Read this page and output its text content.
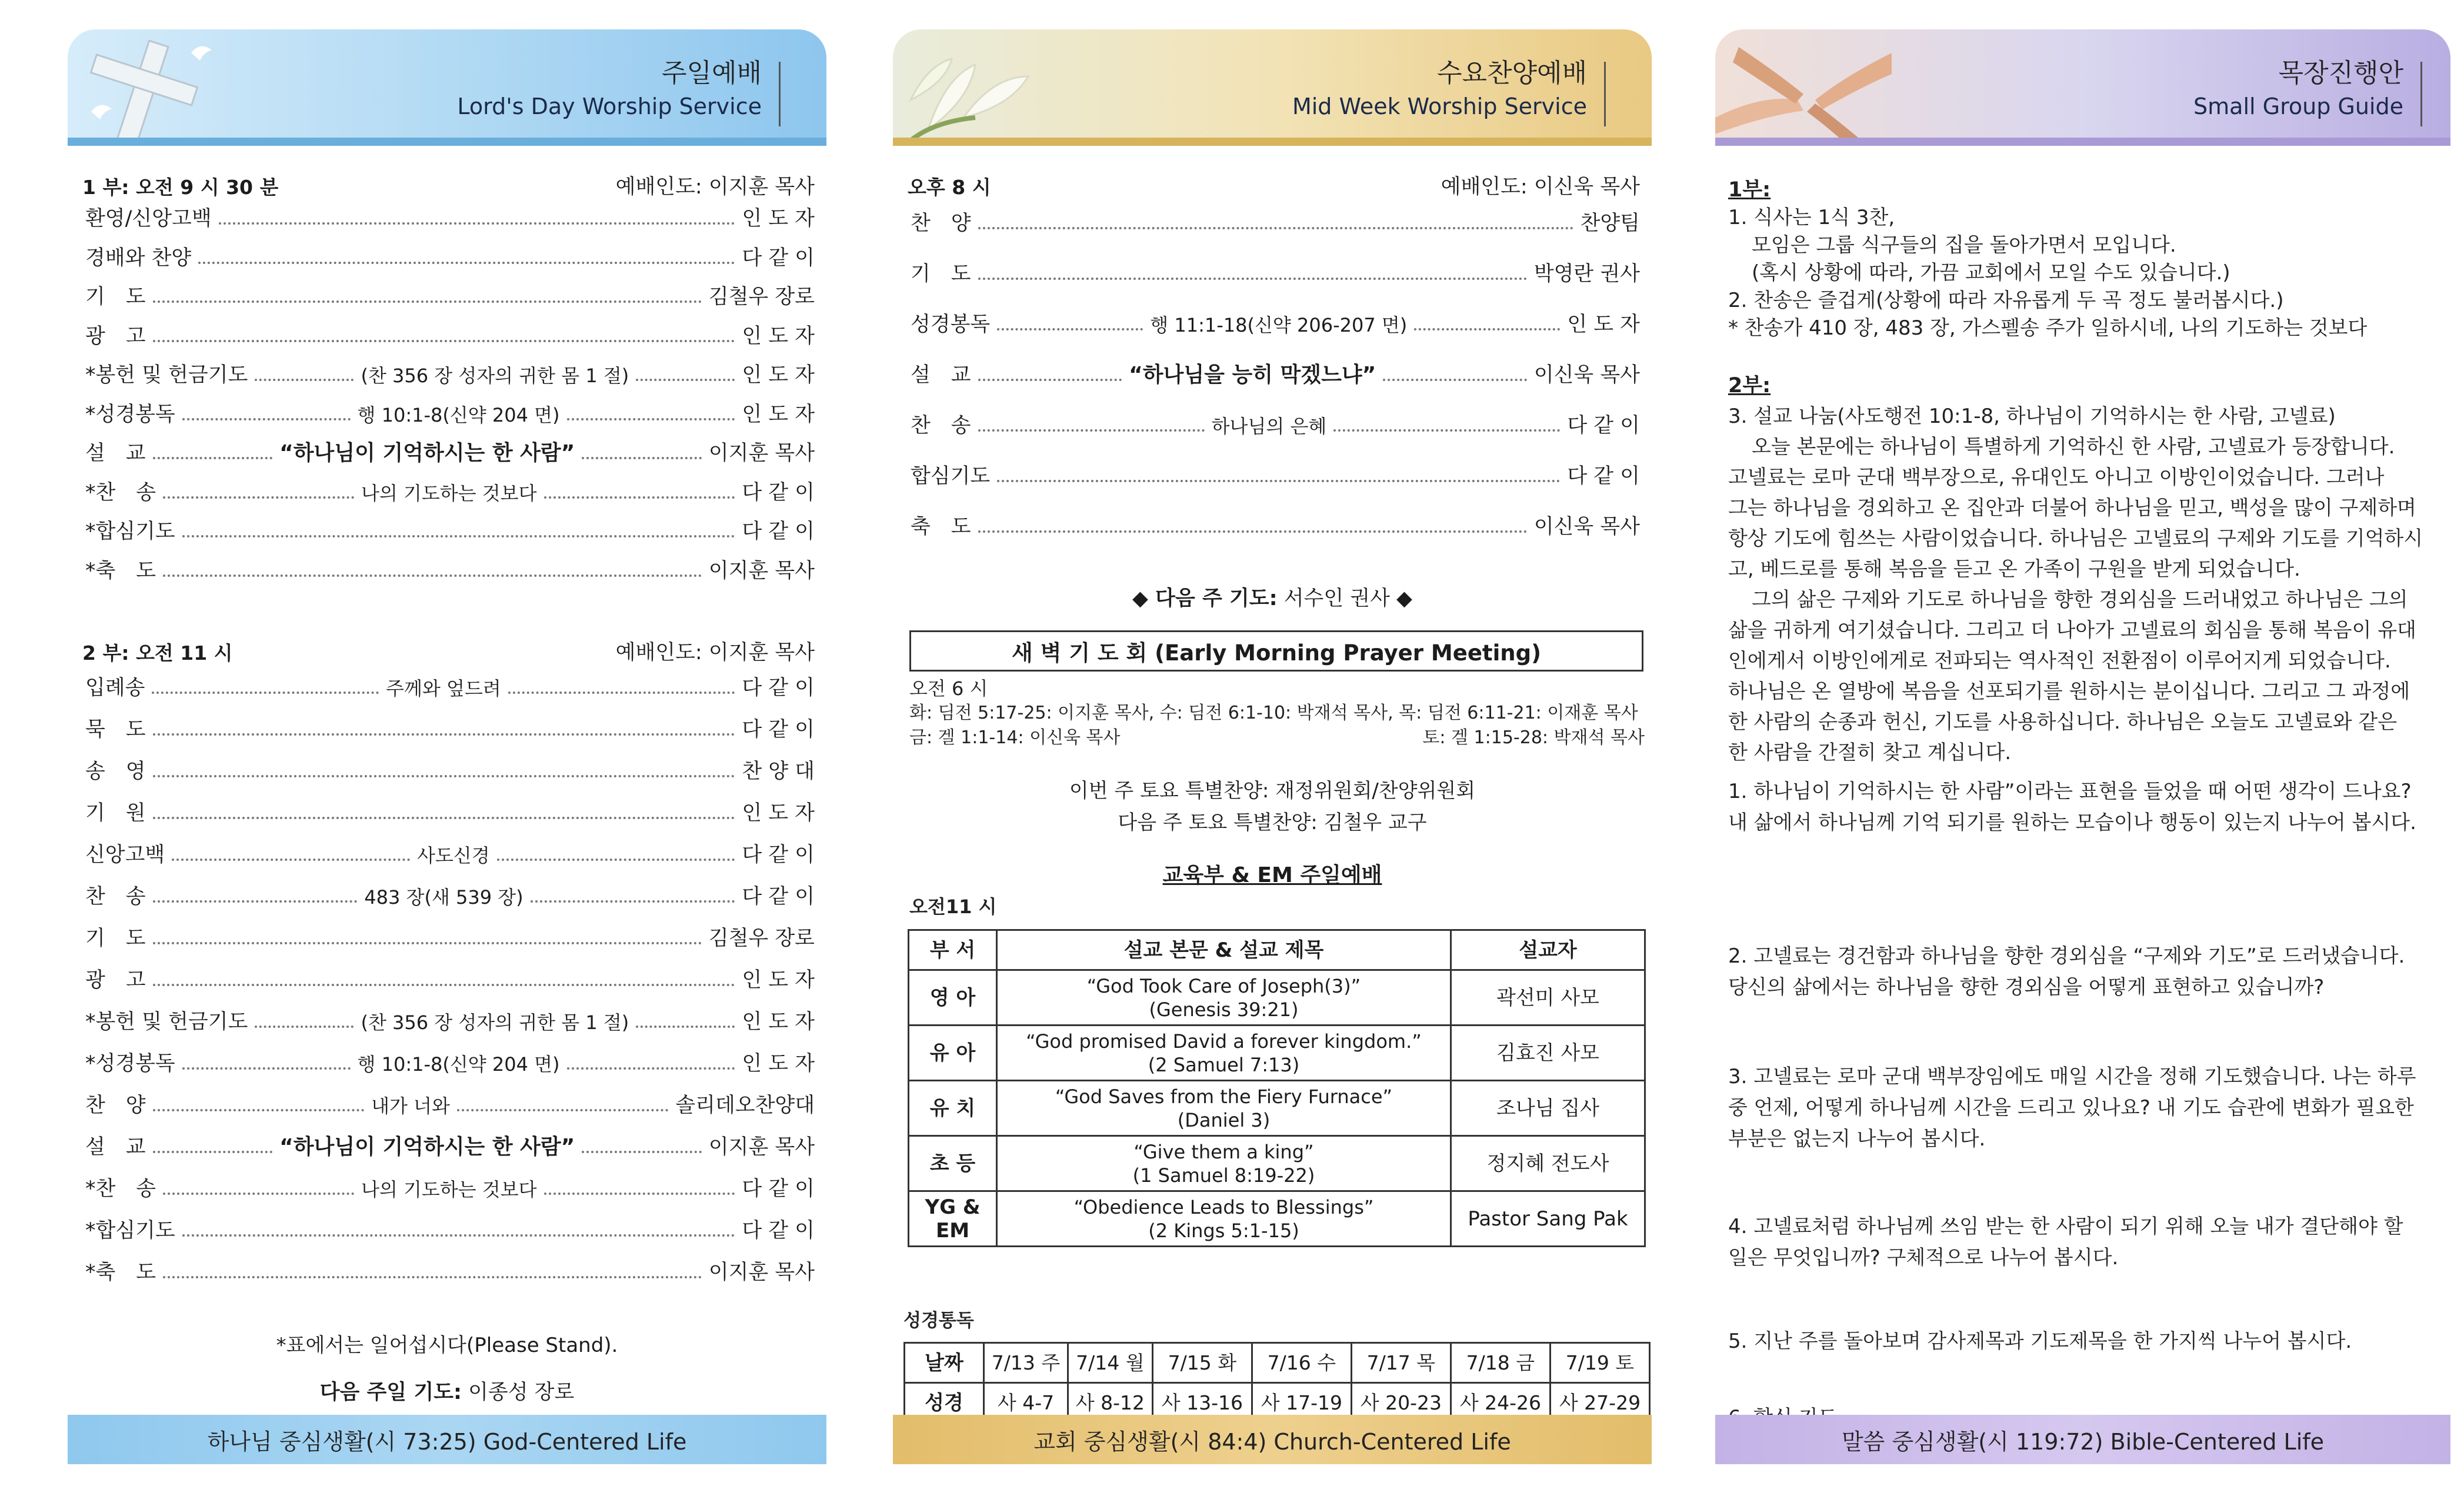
주일예배
Lord's Day Worship Service
1 부: 오전 9 시 30 분	예배인도: 이지훈 목사
2 부: 오전 11 시	예배인도: 이지훈 목사
*표에서는 일어섭시다(Please Stand).
다음 주일 기도: 이종성 장로
하나님 중심생활(시 73:25) God-Centered Life
환영/신앙고백	인 도 자
경배와 찬양	다 같 이
기　도	김철우 장로
광　고	인 도 자
*봉헌 및 헌금기도	(찬 356 장 성자의 귀한 몸 1 절)	인 도 자
*성경봉독	행 10:1-8(신약 204 면)	인 도 자
설　교	“하나님이 기억하시는 한 사람”	이지훈 목사
*찬　송	나의 기도하는 것보다	다 같 이
*합심기도	다 같 이
*축　도	이지훈 목사
입례송	주께와 엎드려	다 같 이
묵　도	다 같 이
송　영	찬 양 대
기　원	인 도 자
신앙고백	사도신경	다 같 이
찬　송	483 장(새 539 장)	다 같 이
기　도	김철우 장로
광　고	인 도 자
*봉헌 및 헌금기도	(찬 356 장 성자의 귀한 몸 1 절)	인 도 자
*성경봉독	행 10:1-8(신약 204 면)	인 도 자
찬　양	내가 너와	솔리데오찬양대
설　교	“하나님이 기억하시는 한 사람”	이지훈 목사
*찬　송	나의 기도하는 것보다	다 같 이
*합심기도	다 같 이
*축　도	이지훈 목사
수요찬양예배
Mid Week Worship Service
오후 8 시	예배인도: 이신욱 목사
◆ 다음 주 기도: 서수인 권사 ◆
새 벽 기 도 회 (Early Morning Prayer Meeting)
오전 6 시
화: 딤전 5:17-25: 이지훈 목사, 수: 딤전 6:1-10: 박재석 목사, 목: 딤전 6:11-21: 이재훈 목사
금: 겔 1:1-14: 이신욱 목사	토: 겔 1:15-28: 박재석 목사
이번 주 토요 특별찬양: 재정위원회/찬양위원회
다음 주 토요 특별찬양: 김철우 교구
교육부 & EM 주일예배
오전11 시
부 서	설교 본문 & 설교 제목	설교자
영 아	“God Took Care of Joseph(3)”
(Genesis 39:21)	곽선미 사모
유 아	“God promised David a forever kingdom.”
(2 Samuel 7:13)	김효진 사모
유 치	“God Saves from the Fiery Furnace”
(Daniel 3)	조나님 집사
초 등	“Give them a king”
(1 Samuel 8:19-22)	정지혜 전도사
YG & EM	“Obedience Leads to Blessings”
(2 Kings 5:1-15)	Pastor Sang Pak
성경통독
날짜	7/13 주	7/14 월	7/15 화	7/16 수	7/17 목	7/18 금	7/19 토
성경	사 4-7	사 8-12	사 13-16	사 17-19	사 20-23	사 24-26	사 27-29
교회 중심생활(시 84:4) Church-Centered Life
찬　양	찬양팀
기　도	박영란 권사
성경봉독	행 11:1-18(신약 206-207 면)	인 도 자
설　교	“하나님을 능히 막겠느냐”	이신욱 목사
찬　송	하나님의 은혜	다 같 이
합심기도	다 같 이
축　도	이신욱 목사
목장진행안
Small Group Guide
1부:
1. 식사는 1식 3찬,
모임은 그룹 식구들의 집을 돌아가면서 모입니다.
(혹시 상황에 따라, 가끔 교회에서 모일 수도 있습니다.)
2. 찬송은 즐겁게(상황에 따라 자유롭게 두 곡 정도 불러봅시다.)
* 찬송가 410 장, 483 장, 가스펠송 주가 일하시네, 나의 기도하는 것보다
2부:
3. 설교 나눔(사도행전 10:1-8, 하나님이 기억하시는 한 사람, 고넬료)
오늘 본문에는 하나님이 특별하게 기억하신 한 사람, 고넬료가 등장합니다.
고넬료는 로마 군대 백부장으로, 유대인도 아니고 이방인이었습니다. 그러나
그는 하나님을 경외하고 온 집안과 더불어 하나님을 믿고, 백성을 많이 구제하며
항상 기도에 힘쓰는 사람이었습니다. 하나님은 고넬료의 구제와 기도를 기억하시
고, 베드로를 통해 복음을 듣고 온 가족이 구원을 받게 되었습니다.
그의 삶은 구제와 기도로 하나님을 향한 경외심을 드러내었고 하나님은 그의
삶을 귀하게 여기셨습니다. 그리고 더 나아가 고넬료의 회심을 통해 복음이 유대
인에게서 이방인에게로 전파되는 역사적인 전환점이 이루어지게 되었습니다.
하나님은 온 열방에 복음을 선포되기를 원하시는 분이십니다. 그리고 그 과정에
한 사람의 순종과 헌신, 기도를 사용하십니다. 하나님은 오늘도 고넬료와 같은
한 사람을 간절히 찾고 계십니다.
1. 하나님이 기억하시는 한 사람”이라는 표현을 들었을 때 어떤 생각이 드나요?
내 삶에서 하나님께 기억 되기를 원하는 모습이나 행동이 있는지 나누어 봅시다.
2. 고넬료는 경건함과 하나님을 향한 경외심을 “구제와 기도”로 드러냈습니다.
당신의 삶에서는 하나님을 향한 경외심을 어떻게 표현하고 있습니까?
3. 고넬료는 로마 군대 백부장임에도 매일 시간을 정해 기도했습니다. 나는 하루
중 언제, 어떻게 하나님께 시간을 드리고 있나요? 내 기도 습관에 변화가 필요한
부분은 없는지 나누어 봅시다.
4. 고넬료처럼 하나님께 쓰임 받는 한 사람이 되기 위해 오늘 내가 결단해야 할
일은 무엇입니까? 구체적으로 나누어 봅시다.
5. 지난 주를 돌아보며 감사제목과 기도제목을 한 가지씩 나누어 봅시다.
말씀 중심생활(시 119:72) Bible-Centered Life
